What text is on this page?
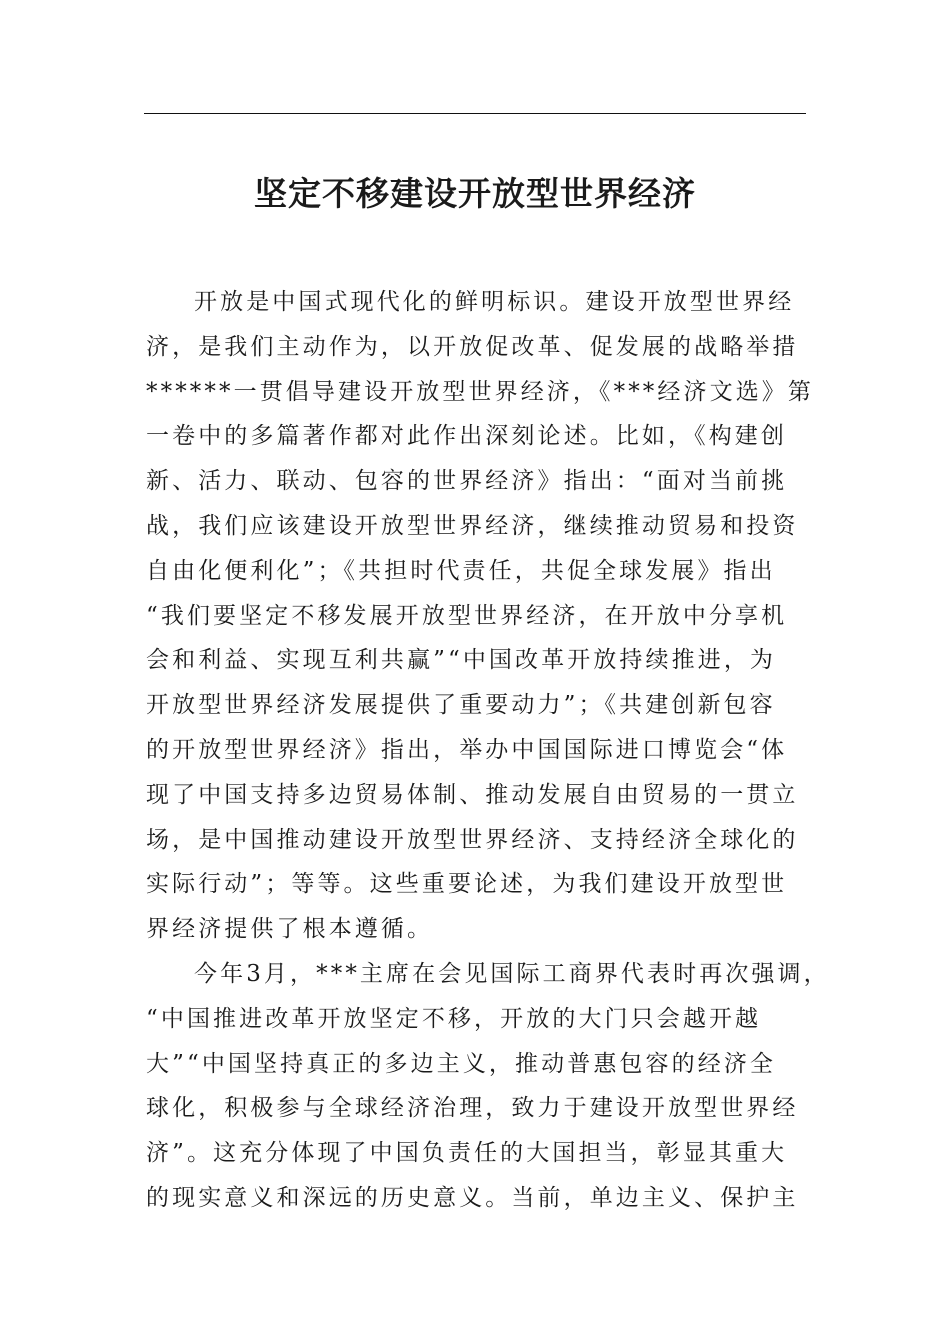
坚定不移建设开放型世界经济
开放是中国式现代化的鲜明标识。建设开放型世界经
济，是我们主动作为，以开放促改革、促发展的战略举措
******一贯倡导建设开放型世界经济，《***经济文选》第
一卷中的多篇著作都对此作出深刻论述。比如，《构建创
新、活力、联动、包容的世界经济》指出：“面对当前挑
战，我们应该建设开放型世界经济，继续推动贸易和投资
自由化便利化”；《共担时代责任，共促全球发展》指出
“我们要坚定不移发展开放型世界经济，在开放中分享机
会和利益、实现互利共赢”“中国改革开放持续推进，为
开放型世界经济发展提供了重要动力”；《共建创新包容
的开放型世界经济》指出，举办中国国际进口博览会“体
现了中国支持多边贸易体制、推动发展自由贸易的一贯立
场，是中国推动建设开放型世界经济、支持经济全球化的
实际行动”；等等。这些重要论述，为我们建设开放型世
界经济提供了根本遵循。
今年3月，***主席在会见国际工商界代表时再次强调，
“中国推进改革开放坚定不移，开放的大门只会越开越
大”“中国坚持真正的多边主义，推动普惠包容的经济全
球化，积极参与全球经济治理，致力于建设开放型世界经
济”。这充分体现了中国负责任的大国担当，彰显其重大
的现实意义和深远的历史意义。当前，单边主义、保护主
